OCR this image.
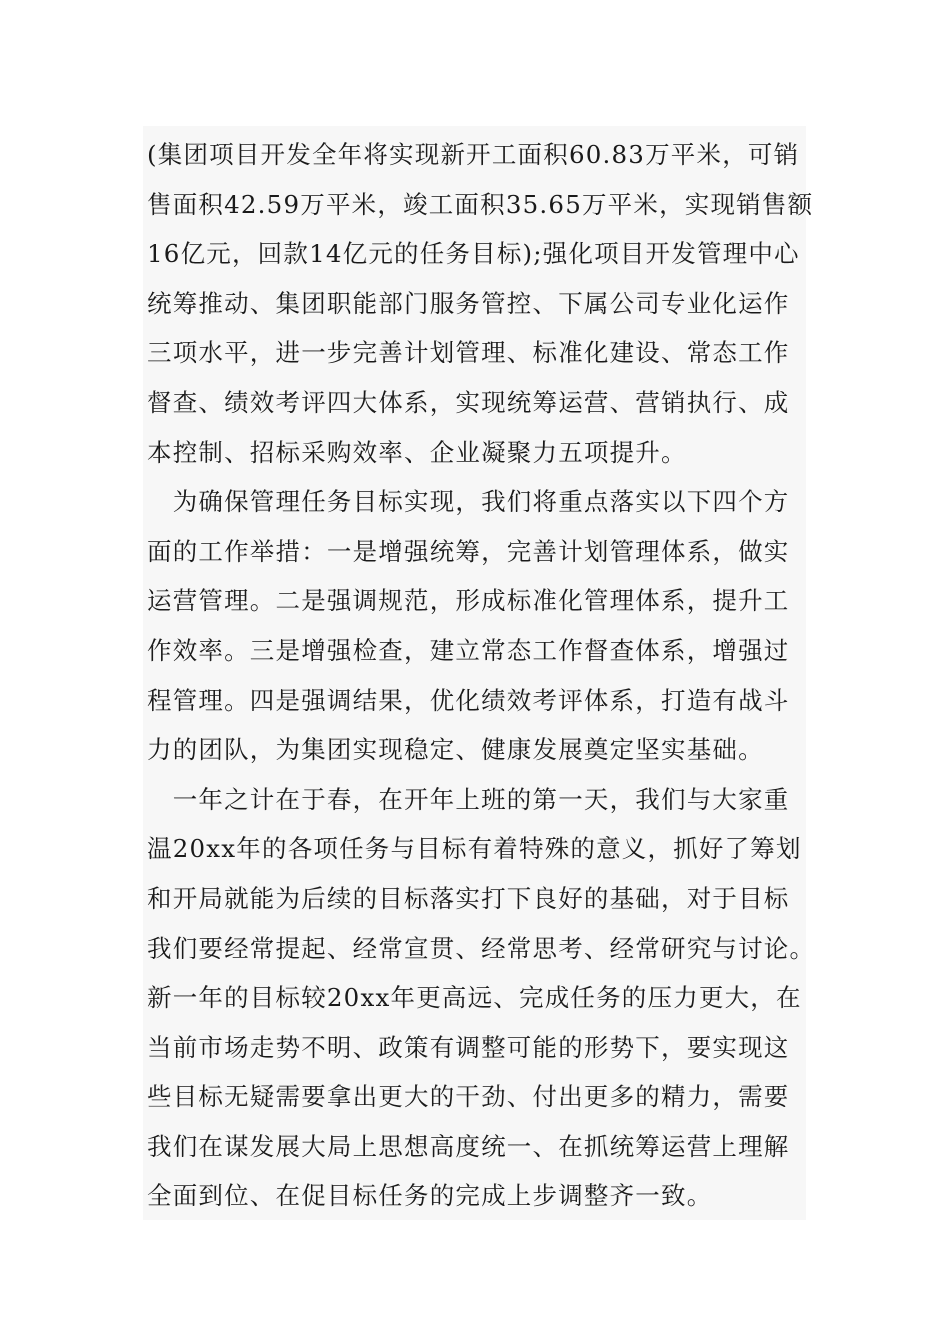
(集团项目开发全年将实现新开工面积60.83万平米，可销
售面积42.59万平米，竣工面积35.65万平米，实现销售额
16亿元，回款14亿元的任务目标);强化项目开发管理中心
统筹推动、集团职能部门服务管控、下属公司专业化运作
三项水平，进一步完善计划管理、标准化建设、常态工作
督查、绩效考评四大体系，实现统筹运营、营销执行、成
本控制、招标采购效率、企业凝聚力五项提升。
　为确保管理任务目标实现，我们将重点落实以下四个方
面的工作举措：一是增强统筹，完善计划管理体系，做实
运营管理。二是强调规范，形成标准化管理体系，提升工
作效率。三是增强检查，建立常态工作督查体系，增强过
程管理。四是强调结果，优化绩效考评体系，打造有战斗
力的团队，为集团实现稳定、健康发展奠定坚实基础。
　一年之计在于春，在开年上班的第一天，我们与大家重
温20xx年的各项任务与目标有着特殊的意义，抓好了筹划
和开局就能为后续的目标落实打下良好的基础，对于目标
我们要经常提起、经常宣贯、经常思考、经常研究与讨论。
新一年的目标较20xx年更高远、完成任务的压力更大，在
当前市场走势不明、政策有调整可能的形势下，要实现这
些目标无疑需要拿出更大的干劲、付出更多的精力，需要
我们在谋发展大局上思想高度统一、在抓统筹运营上理解
全面到位、在促目标任务的完成上步调整齐一致。
